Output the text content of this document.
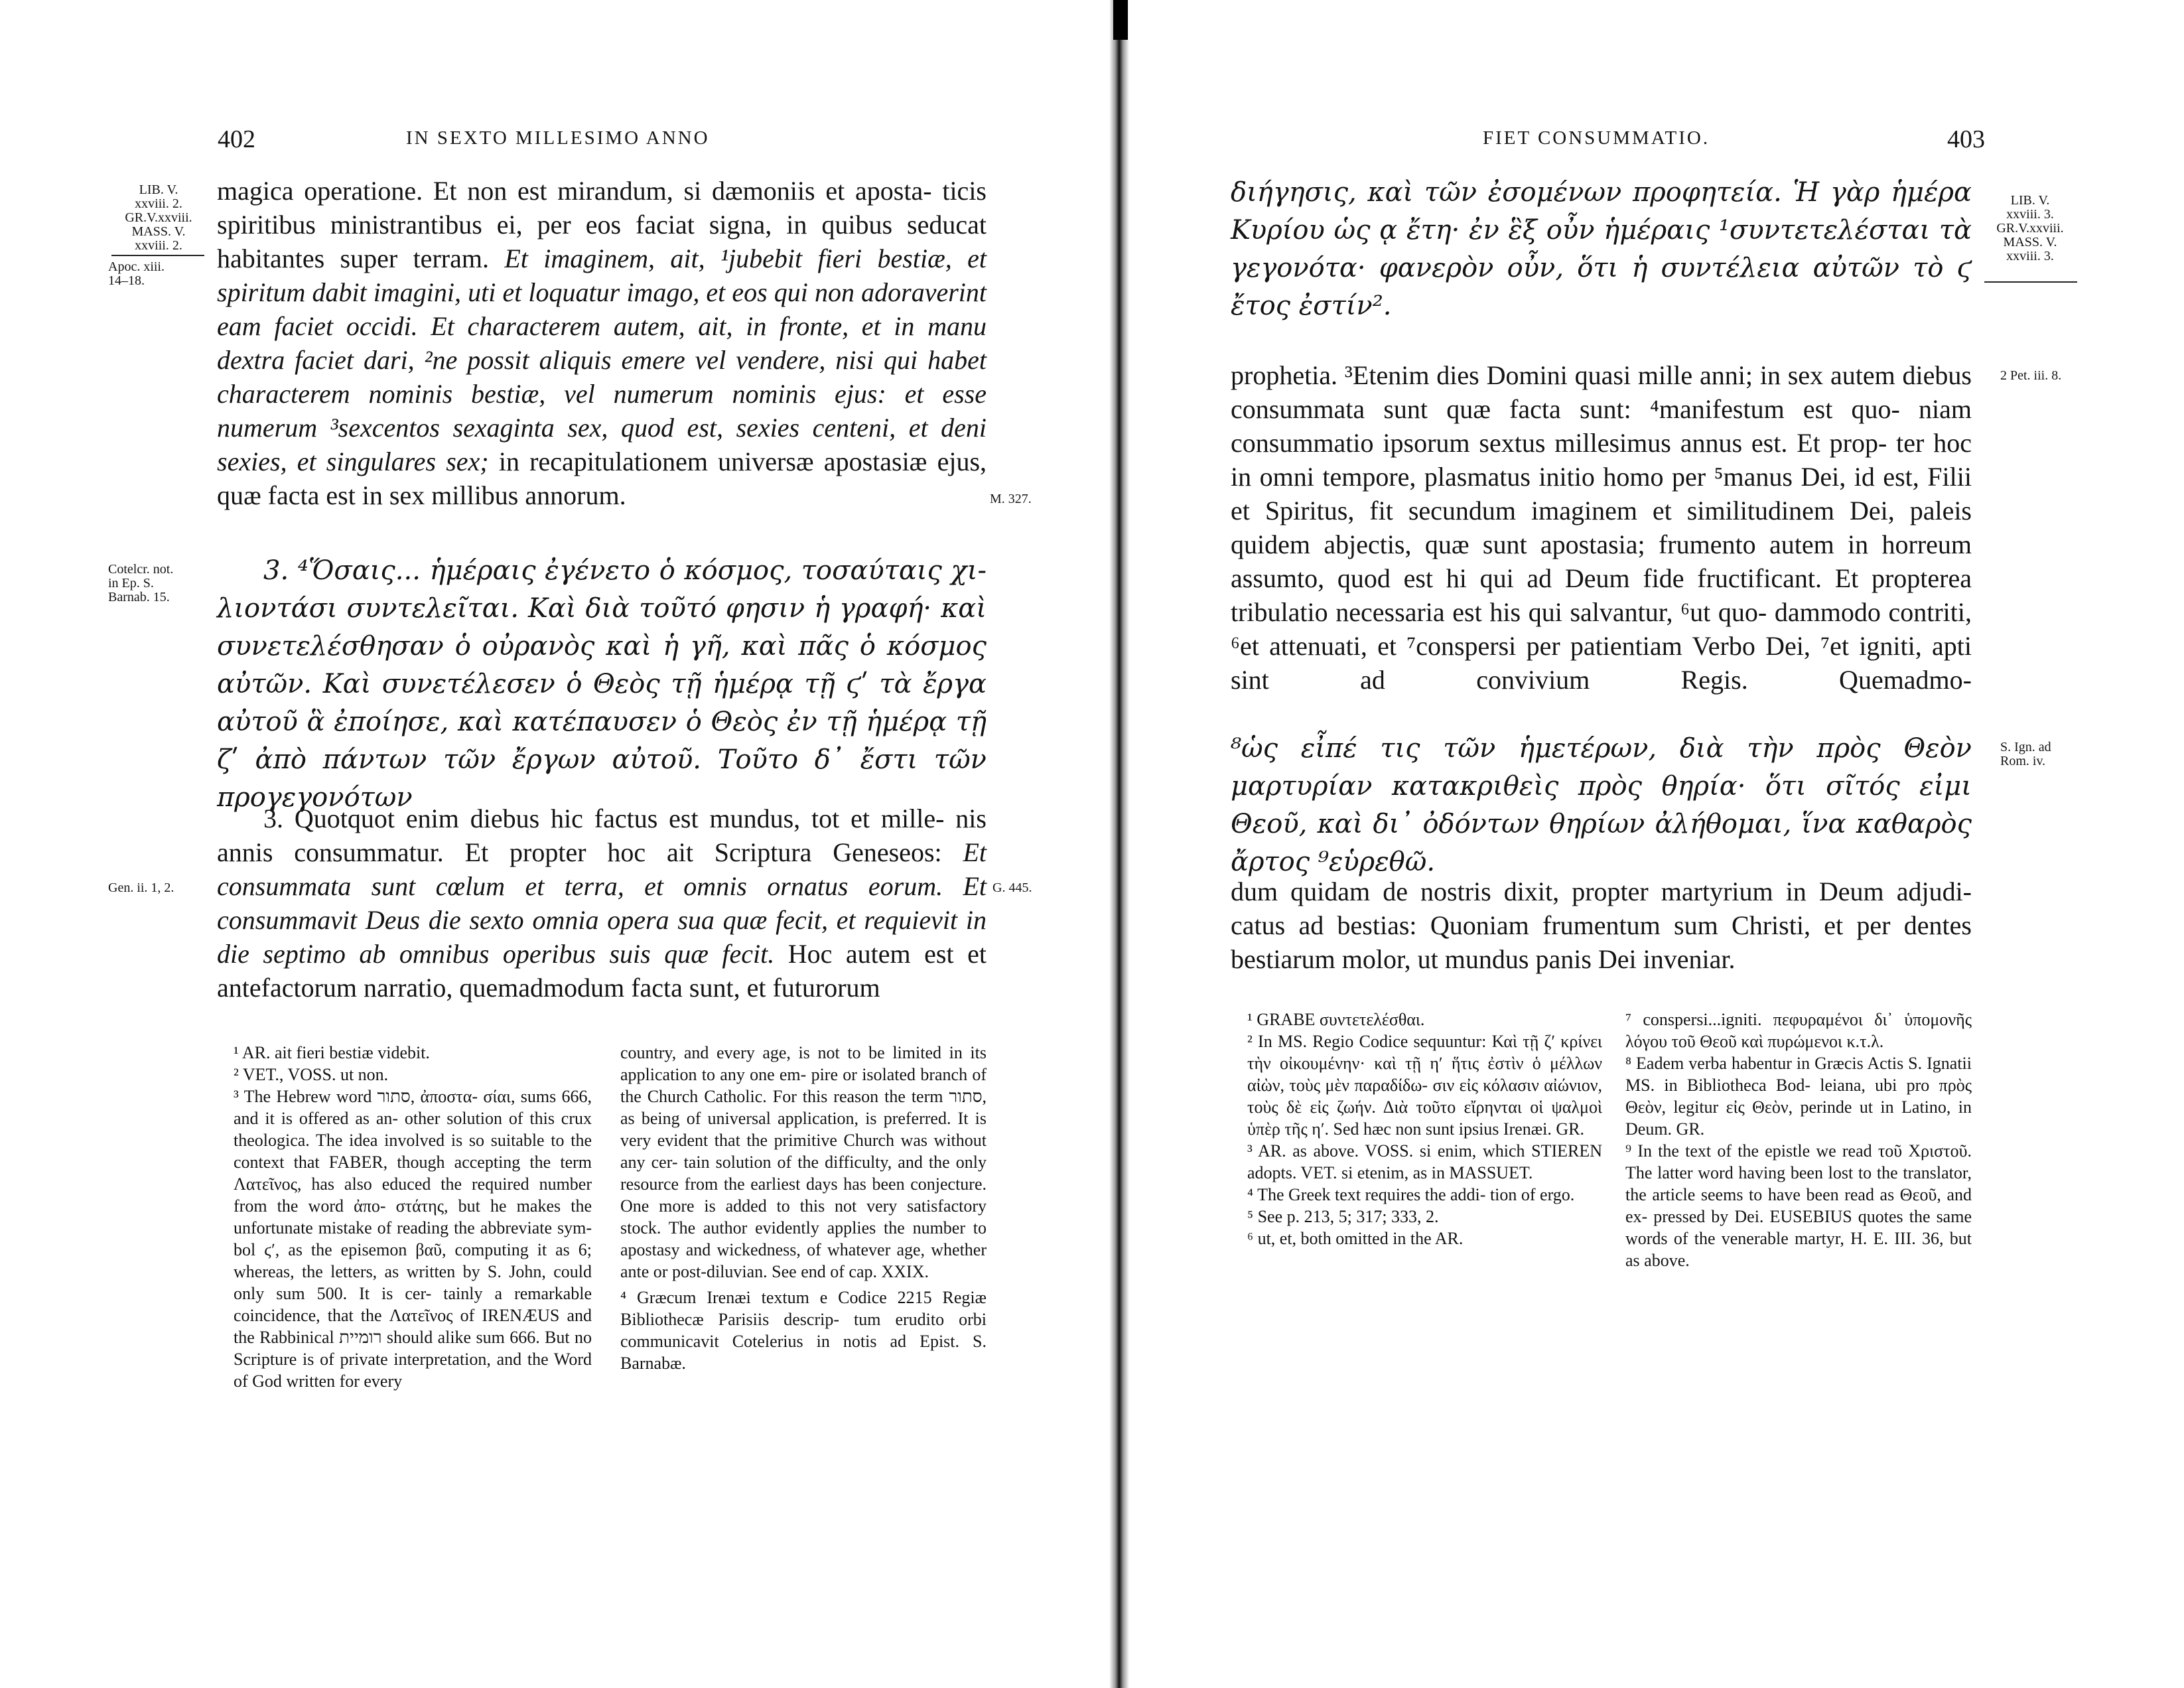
402	IN SEXTO MILLESIMO ANNO
LIB. V.
xxviii. 2.
GR.V.xxviii.
MASS. V.
xxviii. 2.
Apoc. xiii.
14–18.
M. 327.
Cotelcr. not.
in Ep. S.
Barnab. 15.
Gen. ii. 1, 2.	G. 445.
magica operatione. Et non est mirandum, si dæmoniis et aposta- ticis spiritibus ministrantibus ei, per eos faciat signa, in quibus seducat habitantes super terram. Et imaginem, ait, ¹jubebit fieri bestiæ, et spiritum dabit imagini, uti et loquatur imago, et eos qui non adoraverint eam faciet occidi. Et characterem autem, ait, in fronte, et in manu dextra faciet dari, ²ne possit aliquis emere vel vendere, nisi qui habet characterem nominis bestiæ, vel numerum nominis ejus: et esse numerum ³sexcentos sexaginta sex, quod est, sexies centeni, et deni sexies, et singulares sex; in recapitulationem universæ apostasiæ ejus, quæ facta est in sex millibus annorum.
3. ⁴Ὅσαις... ἡμέραις ἐγένετο ὁ κόσμος, τοσαύταις χι- λιοντάσι συντελεῖται. Καὶ διὰ τοῦτό φησιν ἡ γραφή· καὶ συνετελέσθησαν ὁ οὐρανὸς καὶ ἡ γῆ, καὶ πᾶς ὁ κόσμος αὐτῶν. Καὶ συνετέλεσεν ὁ Θεὸς τῇ ἡμέρᾳ τῇ ϛʹ τὰ ἔργα αὐτοῦ ἃ ἐποίησε, καὶ κατέπαυσεν ὁ Θεὸς ἐν τῇ ἡμέρᾳ τῇ ζʹ ἀπὸ πάντων τῶν ἔργων αὐτοῦ. Τοῦτο δ᾽ ἔστι τῶν προγεγονότων
3. Quotquot enim diebus hic factus est mundus, tot et mille- nis annis consummatur. Et propter hoc ait Scriptura Geneseos: Et consummata sunt cœlum et terra, et omnis ornatus eorum. Et consummavit Deus die sexto omnia opera sua quæ fecit, et requievit in die septimo ab omnibus operibus suis quæ fecit. Hoc autem est et antefactorum narratio, quemadmodum facta sunt, et futurorum

¹ AR. ait fieri bestiæ videbit.

² VET., VOSS. ut non.

³ The Hebrew word סתור, ἀποστα- σίαι, sums 666, and it is offered as an- other solution of this crux theologica. The idea involved is so suitable to the context that FABER, though accepting the term Λατεῖνος, has also educed the required number from the word ἀπο- στάτης, but he makes the unfortunate mistake of reading the abbreviate sym- bol ϛʹ, as the episemon βαῦ, computing it as 6; whereas, the letters, as written by S. John, could only sum 500. It is cer- tainly a remarkable coincidence, that the Λατεῖνος of IRENÆUS and the Rabbinical רומיית should alike sum 666. But no Scripture is of private interpretation, and the Word of God written for every

country, and every age, is not to be limited in its application to any one em- pire or isolated branch of the Church Catholic. For this reason the term סתור, as being of universal application, is preferred. It is very evident that the primitive Church was without any cer- tain solution of the difficulty, and the only resource from the earliest days has been conjecture. One more is added to this not very satisfactory stock. The author evidently applies the number to apostasy and wickedness, of whatever age, whether ante or post-diluvian. See end of cap. XXIX.

⁴ Græcum Irenæi textum e Codice 2215 Regiæ Bibliothecæ Parisiis descrip- tum erudito orbi communicavit Cotelerius in notis ad Epist. S. Barnabæ.

FIET CONSUMMATIO.	403
LIB. V.
xxviii. 3.
GR.V.xxviii.
MASS. V.
xxviii. 3.
2 Pet. iii. 8.
S. Ign. ad
Rom. iv.
διήγησις, καὶ τῶν ἐσομένων προφητεία. Ἡ γὰρ ἡμέρα Κυρίου ὡς ᾳ ἔτη· ἐν ἓξ οὖν ἡμέραις ¹συντετελέσται τὰ γεγονότα· φανερὸν οὖν, ὅτι ἡ συντέλεια αὐτῶν τὸ ϛ ἔτος ἐστίν².
prophetia. ³Etenim dies Domini quasi mille anni; in sex autem diebus consummata sunt quæ facta sunt: ⁴manifestum est quo- niam consummatio ipsorum sextus millesimus annus est. Et prop- ter hoc in omni tempore, plasmatus initio homo per ⁵manus Dei, id est, Filii et Spiritus, fit secundum imaginem et similitudinem Dei, paleis quidem abjectis, quæ sunt apostasia; frumento autem in horreum assumto, quod est hi qui ad Deum fide fructificant. Et propterea tribulatio necessaria est his qui salvantur, ⁶ut quo- dammodo contriti, ⁶et attenuati, et ⁷conspersi per patientiam Verbo Dei, ⁷et igniti, apti sint ad convivium Regis. Quemadmo-
⁸ὡς εἶπέ τις τῶν ἡμετέρων, διὰ τὴν πρὸς Θεὸν μαρτυρίαν κατακριθεὶς πρὸς θηρία· ὅτι σῖτός εἰμι Θεοῦ, καὶ δι᾽ ὀδόντων θηρίων ἀλήθομαι, ἵνα καθαρὸς ἄρτος ⁹εὑρεθῶ.
dum quidam de nostris dixit, propter martyrium in Deum adjudi- catus ad bestias: Quoniam frumentum sum Christi, et per dentes bestiarum molor, ut mundus panis Dei inveniar.

¹ GRABE συντετελέσθαι.

² In MS. Regio Codice sequuntur: Καὶ τῇ ζʹ κρίνει τὴν οἰκουμένην· καὶ τῇ ηʹ ἥτις ἐστὶν ὁ μέλλων αἰὼν, τοὺς μὲν παραδίδω- σιν εἰς κόλασιν αἰώνιον, τοὺς δὲ εἰς ζωήν. Διὰ τοῦτο εἴρηνται οἱ ψαλμοὶ ὑπὲρ τῆς ηʹ. Sed hæc non sunt ipsius Irenæi. GR.

³ AR. as above. VOSS. si enim, which STIEREN adopts. VET. si etenim, as in MASSUET.

⁴ The Greek text requires the addi- tion of ergo.

⁵ See p. 213, 5; 317; 333, 2.

⁶ ut, et, both omitted in the AR.

⁷ conspersi...igniti. πεφυραμένοι δι᾽ ὑπομονῆς λόγου τοῦ Θεοῦ καὶ πυρώμενοι κ.τ.λ.

⁸ Eadem verba habentur in Græcis Actis S. Ignatii MS. in Bibliotheca Bod- leiana, ubi pro πρὸς Θεὸν, legitur εἰς Θεὸν, perinde ut in Latino, in Deum. GR.

⁹ In the text of the epistle we read τοῦ Χριστοῦ. The latter word having been lost to the translator, the article seems to have been read as Θεοῦ, and ex- pressed by Dei. EUSEBIUS quotes the same words of the venerable martyr, H. E. III. 36, but as above.
